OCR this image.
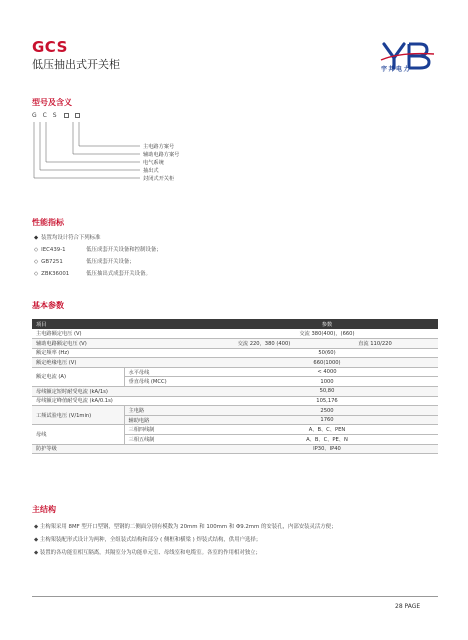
GCS
低压抽出式开关柜	宇邦电力
型号及含义
G C S
主电路方案号
辅助电路方案号
电气系统
抽出式
封闭式开关柜
性能指标
◆ 装置均设计符合下列标准
◇ IEC439-1	低压成套开关设备和控制设备；
◇ GB7251	低压成套开关设备；
◇ ZBK36001	低压抽出式成套开关设备。
基本参数
项目		参数	
主电路额定电压 (V)		交流 380(400)，(660)	
辅助电路额定电压 (V)		交流 220，380 (400)	直流 110/220
额定频率 (Hz)		50(60)	
额定绝缘电压 (V)		660(1000)	
额定电流 (A)	水平母线	< 4000	
	垂直母线 (MCC)	1000	
母线额定短时耐受电流 (kA/1s)		50,80	
母线额定峰值耐受电流 (kA/0.1s)		105,176	
工频试验电压 (V/1min)	主电路	2500	
	辅助电路	1760	
母线	三相四线制	A、B、C、PEN	
	三相五线制	A、B、C、PE、N	
防护等级		IP30、IP40	
主结构
◆ 主构架采用 8MF 型开口型钢，型钢的二侧面分别有模数为 20mm 和 100mm 和 Φ9.2mm 的安装孔，内部安装灵活方便；
◆ 主构架装配形式设计为两种，全组装式结构和部分 ( 侧框和横梁 ) 焊装式结构，供用户选择；
◆ 装置的各功能室相互隔离，其隔室分为功能单元室、母线室和电缆室。各室的作用相对独立；
28 PAGE
